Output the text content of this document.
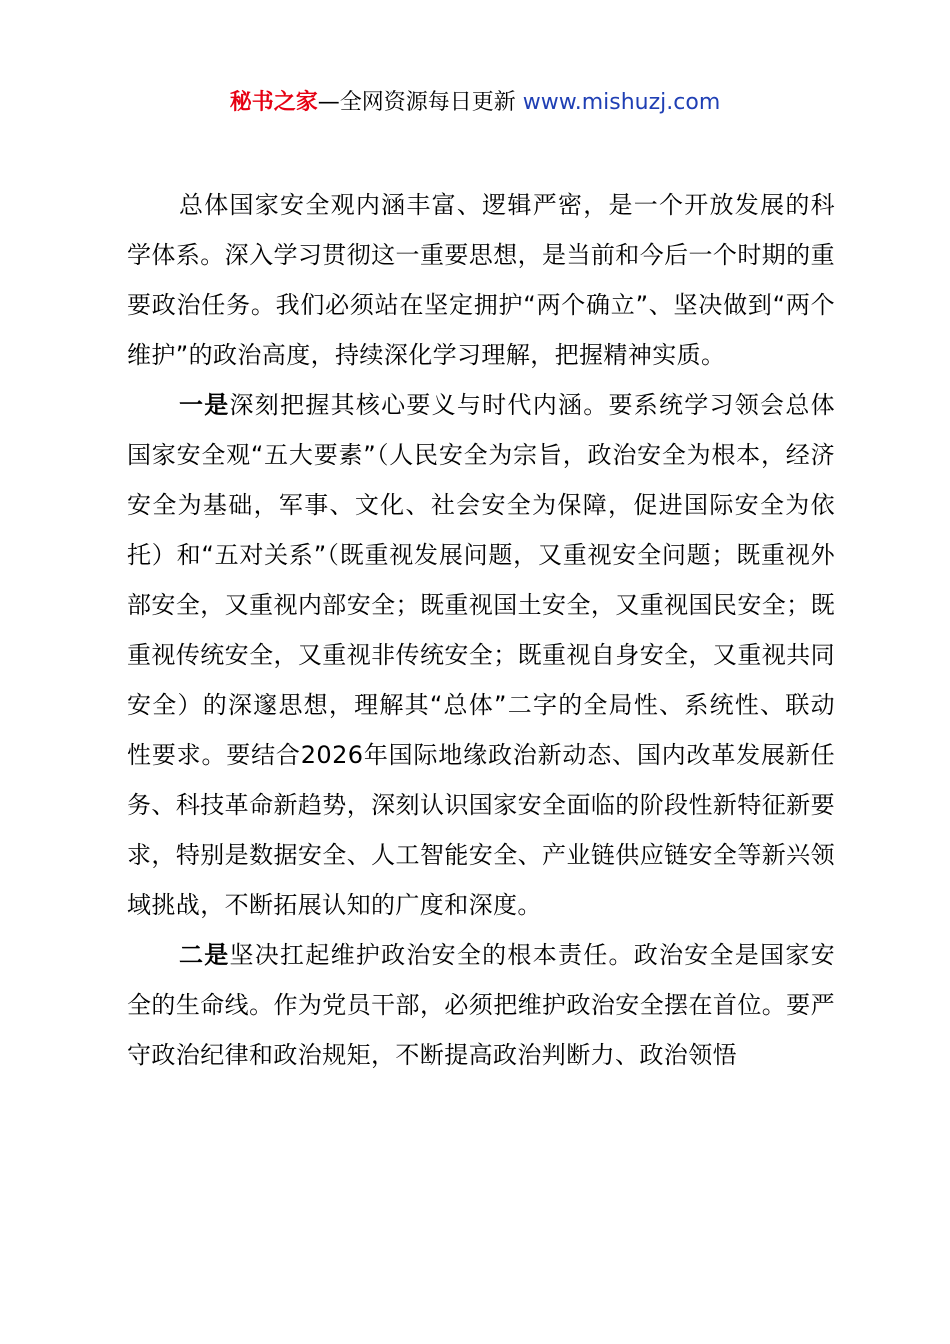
秘书之家—全网资源每日更新 www.mishuzj.com

总体国家安全观内涵丰富、逻辑严密，是一个开放发展的科学体系。深入学习贯彻这一重要思想，是当前和今后一个时期的重要政治任务。我们必须站在坚定拥护“两个确立”、坚决做到“两个维护”的政治高度，持续深化学习理解，把握精神实质。

一是深刻把握其核心要义与时代内涵。要系统学习领会总体国家安全观“五大要素”（人民安全为宗旨，政治安全为根本，经济安全为基础，军事、文化、社会安全为保障，促进国际安全为依托）和“五对关系”（既重视发展问题，又重视安全问题；既重视外部安全，又重视内部安全；既重视国土安全，又重视国民安全；既重视传统安全，又重视非传统安全；既重视自身安全，又重视共同安全）的深邃思想，理解其“总体”二字的全局性、系统性、联动性要求。要结合2026年国际地缘政治新动态、国内改革发展新任务、科技革命新趋势，深刻认识国家安全面临的阶段性新特征新要求，特别是数据安全、人工智能安全、产业链供应链安全等新兴领域挑战，不断拓展认知的广度和深度。

二是坚决扛起维护政治安全的根本责任。政治安全是国家安全的生命线。作为党员干部，必须把维护政治安全摆在首位。要严守政治纪律和政治规矩，不断提高政治判断力、政治领悟
